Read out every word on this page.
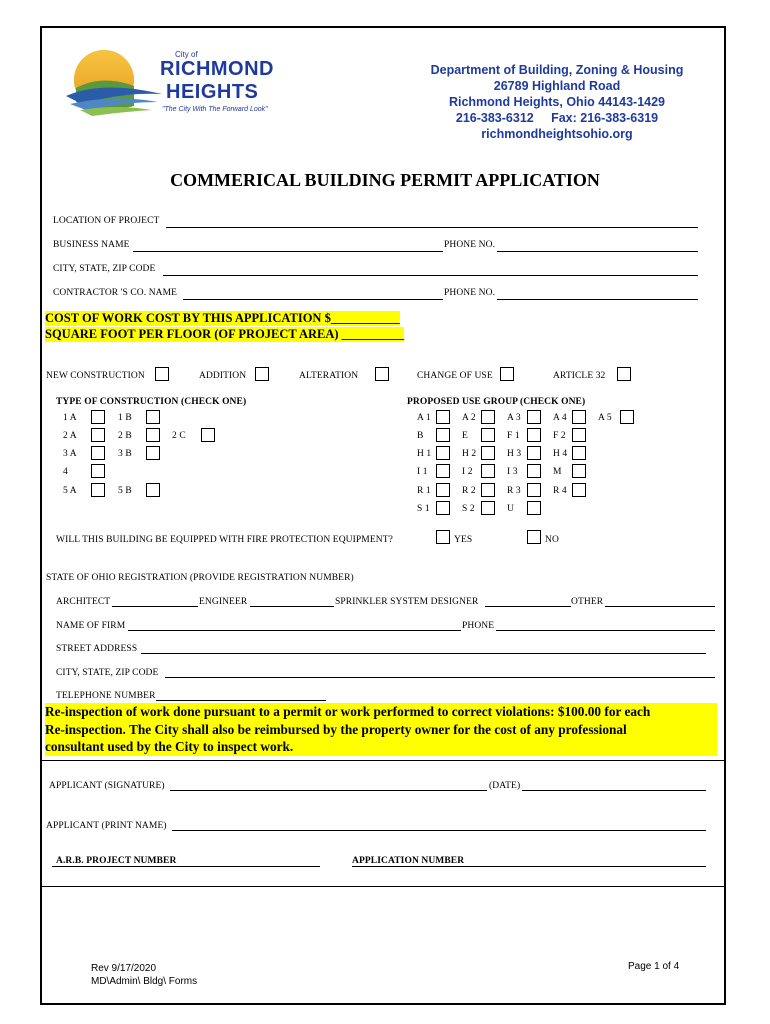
City of
RICHMOND
HEIGHTS
"The City With The Forward Look"
Department of Building, Zoning & Housing
26789 Highland Road
Richmond Heights, Ohio 44143-1429
216-383-6312     Fax: 216-383-6319
richmondheightsohio.org
COMMERICAL BUILDING PERMIT APPLICATION
LOCATION OF PROJECT
BUSINESS NAME	PHONE NO.
CITY, STATE, ZIP CODE
CONTRACTOR 'S CO. NAME	PHONE NO.
COST OF WORK COST BY THIS APPLICATION $___________
SQUARE FOOT PER FLOOR (OF PROJECT AREA) __________
NEW CONSTRUCTION	ADDITION	ALTERATION	CHANGE OF USE	ARTICLE 32
TYPE OF CONSTRUCTION (CHECK ONE)
1 A	1 B
2 A	2 B	2 C
3 A	3 B
4
5 A	5 B
PROPOSED USE GROUP (CHECK ONE)
A 1	A 2	A 3	A 4	A 5
B	E	F 1	F 2
H 1	H 2	H 3	H 4
I 1	I 2	I 3	M
R 1	R 2	R 3	R 4
S 1	S 2	U
WILL THIS BUILDING BE EQUIPPED WITH FIRE PROTECTION EQUIPMENT?	YES	NO
STATE OF OHIO REGISTRATION (PROVIDE REGISTRATION NUMBER)
ARCHITECT	ENGINEER	SPRINKLER SYSTEM DESIGNER	OTHER
NAME OF FIRM	PHONE
STREET ADDRESS
CITY, STATE, ZIP CODE
TELEPHONE NUMBER
Re-inspection of work done pursuant to a permit or work performed to correct violations: $100.00 for each
Re-inspection. The City shall also be reimbursed by the property owner for the cost of any professional
consultant used by the City to inspect work.
APPLICANT (SIGNATURE)	(DATE)
APPLICANT (PRINT NAME)
A.R.B. PROJECT NUMBER	APPLICATION NUMBER
Rev 9/17/2020
MD\Admin\ Bldg\ Forms
Page 1 of 4
